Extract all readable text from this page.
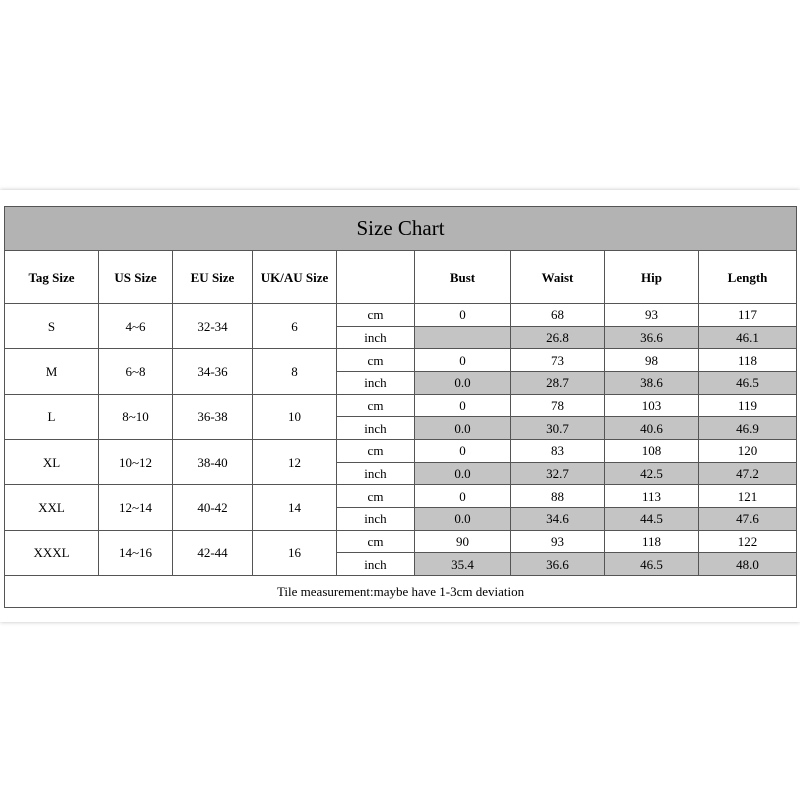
Size Chart								
Tag Size	US Size	EU Size	UK/AU Size		Bust	Waist	Hip	Length
S	4~6	32-34	6	cm	0	68	93	117
				inch		26.8	36.6	46.1
M	6~8	34-36	8	cm	0	73	98	118
				inch	0.0	28.7	38.6	46.5
L	8~10	36-38	10	cm	0	78	103	119
				inch	0.0	30.7	40.6	46.9
XL	10~12	38-40	12	cm	0	83	108	120
				inch	0.0	32.7	42.5	47.2
XXL	12~14	40-42	14	cm	0	88	113	121
				inch	0.0	34.6	44.5	47.6
XXXL	14~16	42-44	16	cm	90	93	118	122
				inch	35.4	36.6	46.5	48.0
Tile measurement:maybe have 1-3cm deviation								
